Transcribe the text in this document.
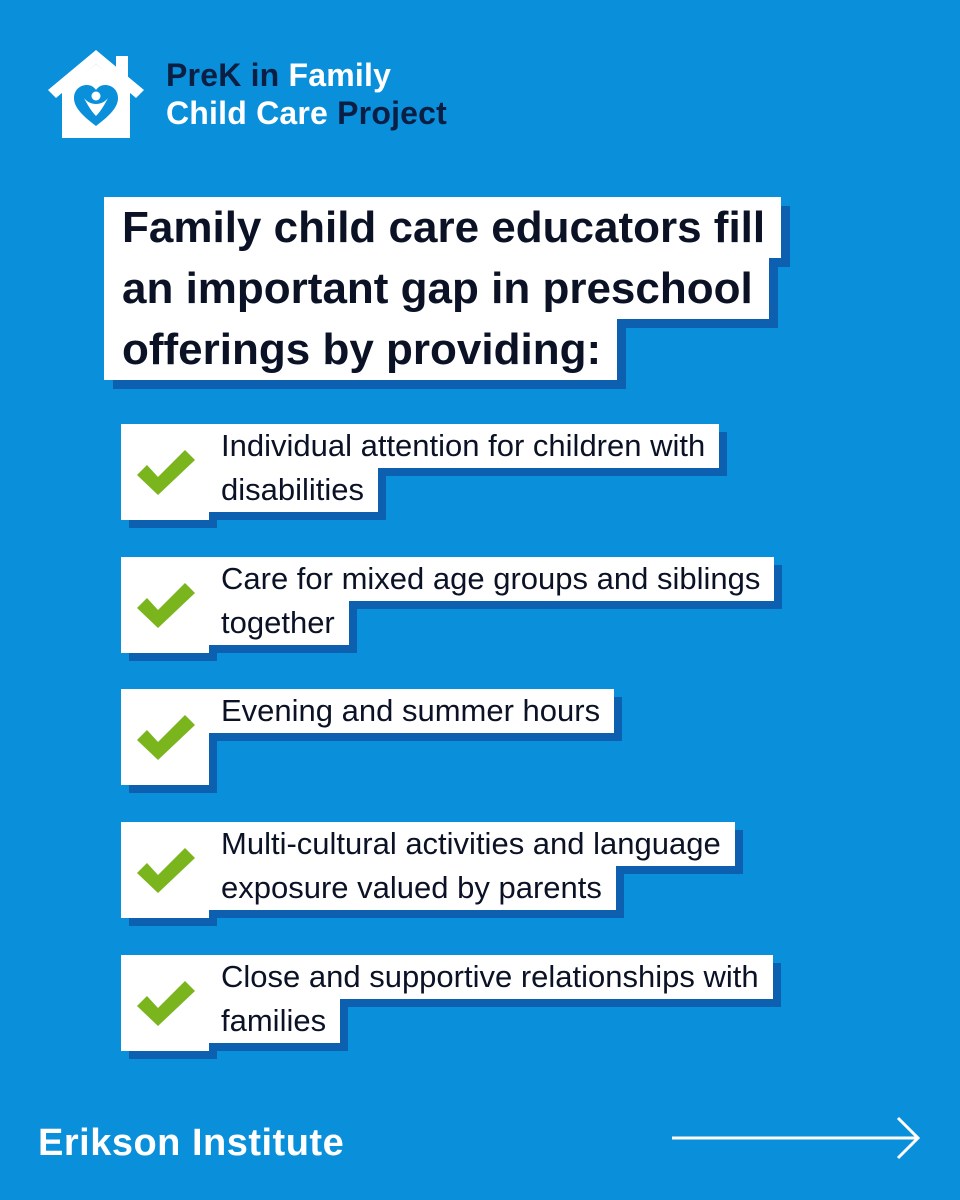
PreK in Family
Child Care Project
Family child care educators fill
an important gap in preschool
offerings by providing:
Individual attention for children with
disabilities
Care for mixed age groups and siblings
together
Evening and summer hours
Multi-cultural activities and language
exposure valued by parents
Close and supportive relationships with
families
Erikson Institute
